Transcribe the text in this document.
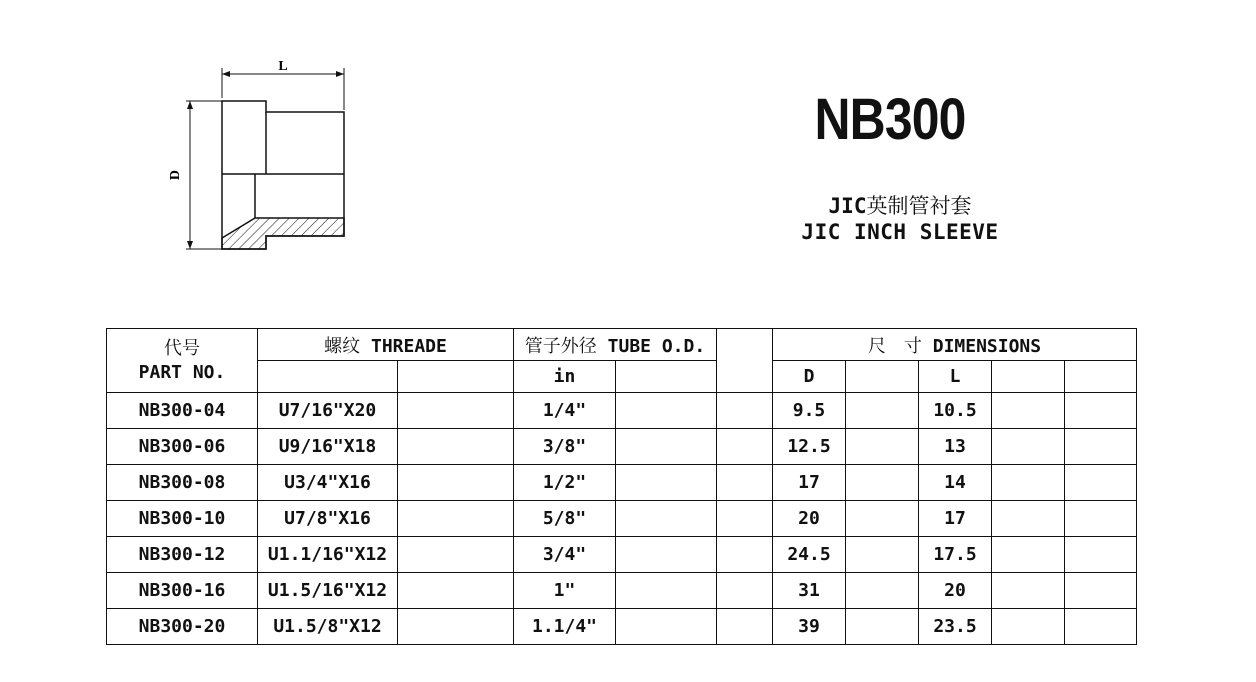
L
D
NB300
JIC英制管衬套
JIC INCH SLEEVE
代号
PART NO.	螺纹 THREADE		管子外径 TUBE O.D.			尺　寸 DIMENSIONS				
			in			D		L		
NB300-04	U7/16"X20		1/4"			9.5		10.5		
NB300-06	U9/16"X18		3/8"			12.5		13		
NB300-08	U3/4"X16		1/2"			17		14		
NB300-10	U7/8"X16		5/8"			20		17		
NB300-12	U1.1/16"X12		3/4"			24.5		17.5		
NB300-16	U1.5/16"X12		1"			31		20		
NB300-20	U1.5/8"X12		1.1/4"			39		23.5		
